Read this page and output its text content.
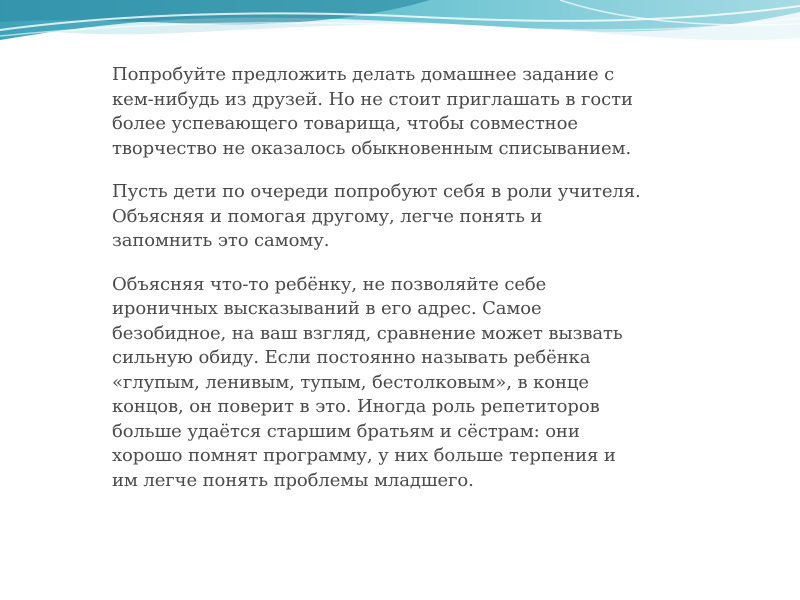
Попробуйте предложить делать домашнее задание с
кем-нибудь из друзей. Но не стоит приглашать в гости
более успевающего товарища, чтобы совместное
творчество не оказалось обыкновенным списыванием.

Пусть дети по очереди попробуют себя в роли учителя.
Объясняя и помогая другому, легче понять и
запомнить это самому.

Объясняя что-то ребёнку, не позволяйте себе
ироничных высказываний в его адрес. Самое
безобидное, на ваш взгляд, сравнение может вызвать
сильную обиду. Если постоянно называть ребёнка
«глупым, ленивым, тупым, бестолковым», в конце
концов, он поверит в это. Иногда роль репетиторов
больше удаётся старшим братьям и сёстрам: они
хорошо помнят программу, у них больше терпения и
им легче понять проблемы младшего.
